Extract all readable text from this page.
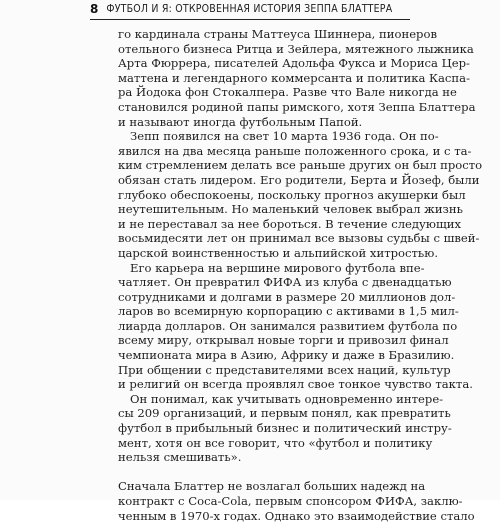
8 ФУТБОЛ И Я: ОТКРОВЕННАЯ ИСТОРИЯ ЗЕППА БЛАТТЕРА
го кардинала страны Маттеуса Шиннера, пионеров
отельного бизнеса Ритца и Зейлера, мятежного лыжника
Арта Фюррера, писателей Адольфа Фукса и Мориса Цер-
маттена и легендарного коммерсанта и политика Каспа-
ра Йодока фон Стокалпера. Разве что Вале никогда не
становился родиной папы римского, хотя Зеппа Блаттера
и называют иногда футбольным Папой.
Зепп появился на свет 10 марта 1936 года. Он по-
явился на два месяца раньше положенного срока, и с та-
ким стремлением делать все раньше других он был просто
обязан стать лидером. Его родители, Берта и Йозеф, были
глубоко обеспокоены, поскольку прогноз акушерки был
неутешительным. Но маленький человек выбрал жизнь
и не переставал за нее бороться. В течение следующих
восьмидесяти лет он принимал все вызовы судьбы с швей-
царской воинственностью и альпийской хитростью.
Его карьера на вершине мирового футбола впе-
чатляет. Он превратил ФИФА из клуба с двенадцатью
сотрудниками и долгами в размере 20 миллионов дол-
ларов во всемирную корпорацию с активами в 1,5 мил-
лиарда долларов. Он занимался развитием футбола по
всему миру, открывал новые торги и привозил финал
чемпионата мира в Азию, Африку и даже в Бразилию.
При общении с представителями всех наций, культур
и религий он всегда проявлял свое тонкое чувство такта.
Он понимал, как учитывать одновременно интере-
сы 209 организаций, и первым понял, как превратить
футбол в прибыльный бизнес и политический инстру-
мент, хотя он все говорит, что «футбол и политику
нельзя смешивать».
Сначала Блаттер не возлагал больших надежд на
контракт с Coca-Cola, первым спонсором ФИФА, заклю-
ченным в 1970-х годах. Однако это взаимодействие стало
